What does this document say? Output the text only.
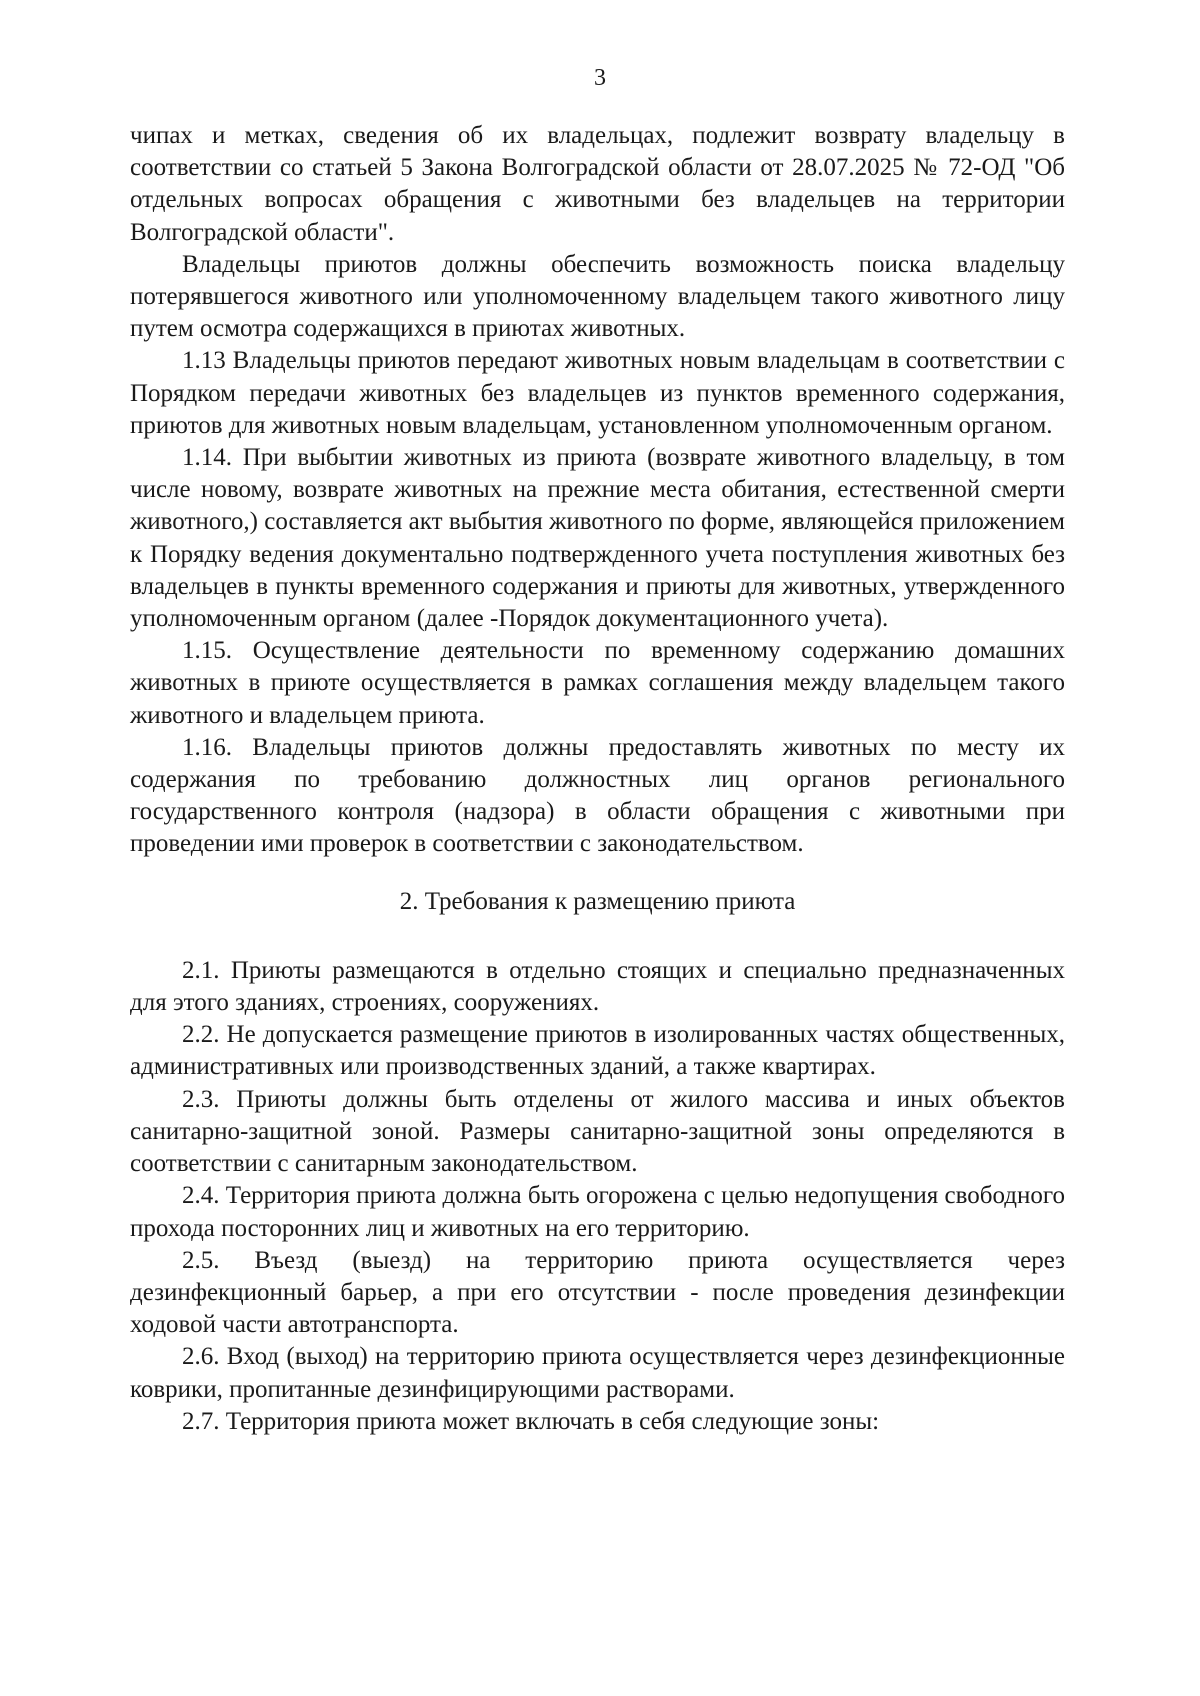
3

чипах и метках, сведения об их владельцах, подлежит возврату владельцу в соответствии со статьей 5 Закона Волгоградской области от 28.07.2025 № 72-ОД "Об отдельных вопросах обращения с животными без владельцев на территории Волгоградской области".

Владельцы приютов должны обеспечить возможность поиска владельцу потерявшегося животного или уполномоченному владельцем такого животного лицу путем осмотра содержащихся в приютах животных.

1.13 Владельцы приютов передают животных новым владельцам в соответствии с Порядком передачи животных без владельцев из пунктов временного содержания, приютов для животных новым владельцам, установленном уполномоченным органом.

1.14. При выбытии животных из приюта (возврате животного владельцу, в том числе новому, возврате животных на прежние места обитания, естественной смерти животного,) составляется акт выбытия животного по форме, являющейся приложением к Порядку ведения документально подтвержденного учета поступления животных без владельцев в пункты временного содержания и приюты для животных, утвержденного уполномоченным органом (далее -Порядок документационного учета).

1.15. Осуществление деятельности по временному содержанию домашних животных в приюте осуществляется в рамках соглашения между владельцем такого животного и владельцем приюта.

1.16. Владельцы приютов должны предоставлять животных по месту их содержания по требованию должностных лиц органов регионального государственного контроля (надзора) в области обращения с животными при проведении ими проверок в соответствии с законодательством.

2. Требования к размещению приюта

2.1. Приюты размещаются в отдельно стоящих и специально предназначенных для этого зданиях, строениях, сооружениях.

2.2. Не допускается размещение приютов в изолированных частях общественных, административных или производственных зданий, а также квартирах.

2.3. Приюты должны быть отделены от жилого массива и иных объектов санитарно-защитной зоной. Размеры санитарно-защитной зоны определяются в соответствии с санитарным законодательством.

2.4. Территория приюта должна быть огорожена с целью недопущения свободного прохода посторонних лиц и животных на его территорию.

2.5. Въезд (выезд) на территорию приюта осуществляется через дезинфекционный барьер, а при его отсутствии - после проведения дезинфекции ходовой части автотранспорта.

2.6. Вход (выход) на территорию приюта осуществляется через дезинфекционные коврики, пропитанные дезинфицирующими растворами.

2.7. Территория приюта может включать в себя следующие зоны:
